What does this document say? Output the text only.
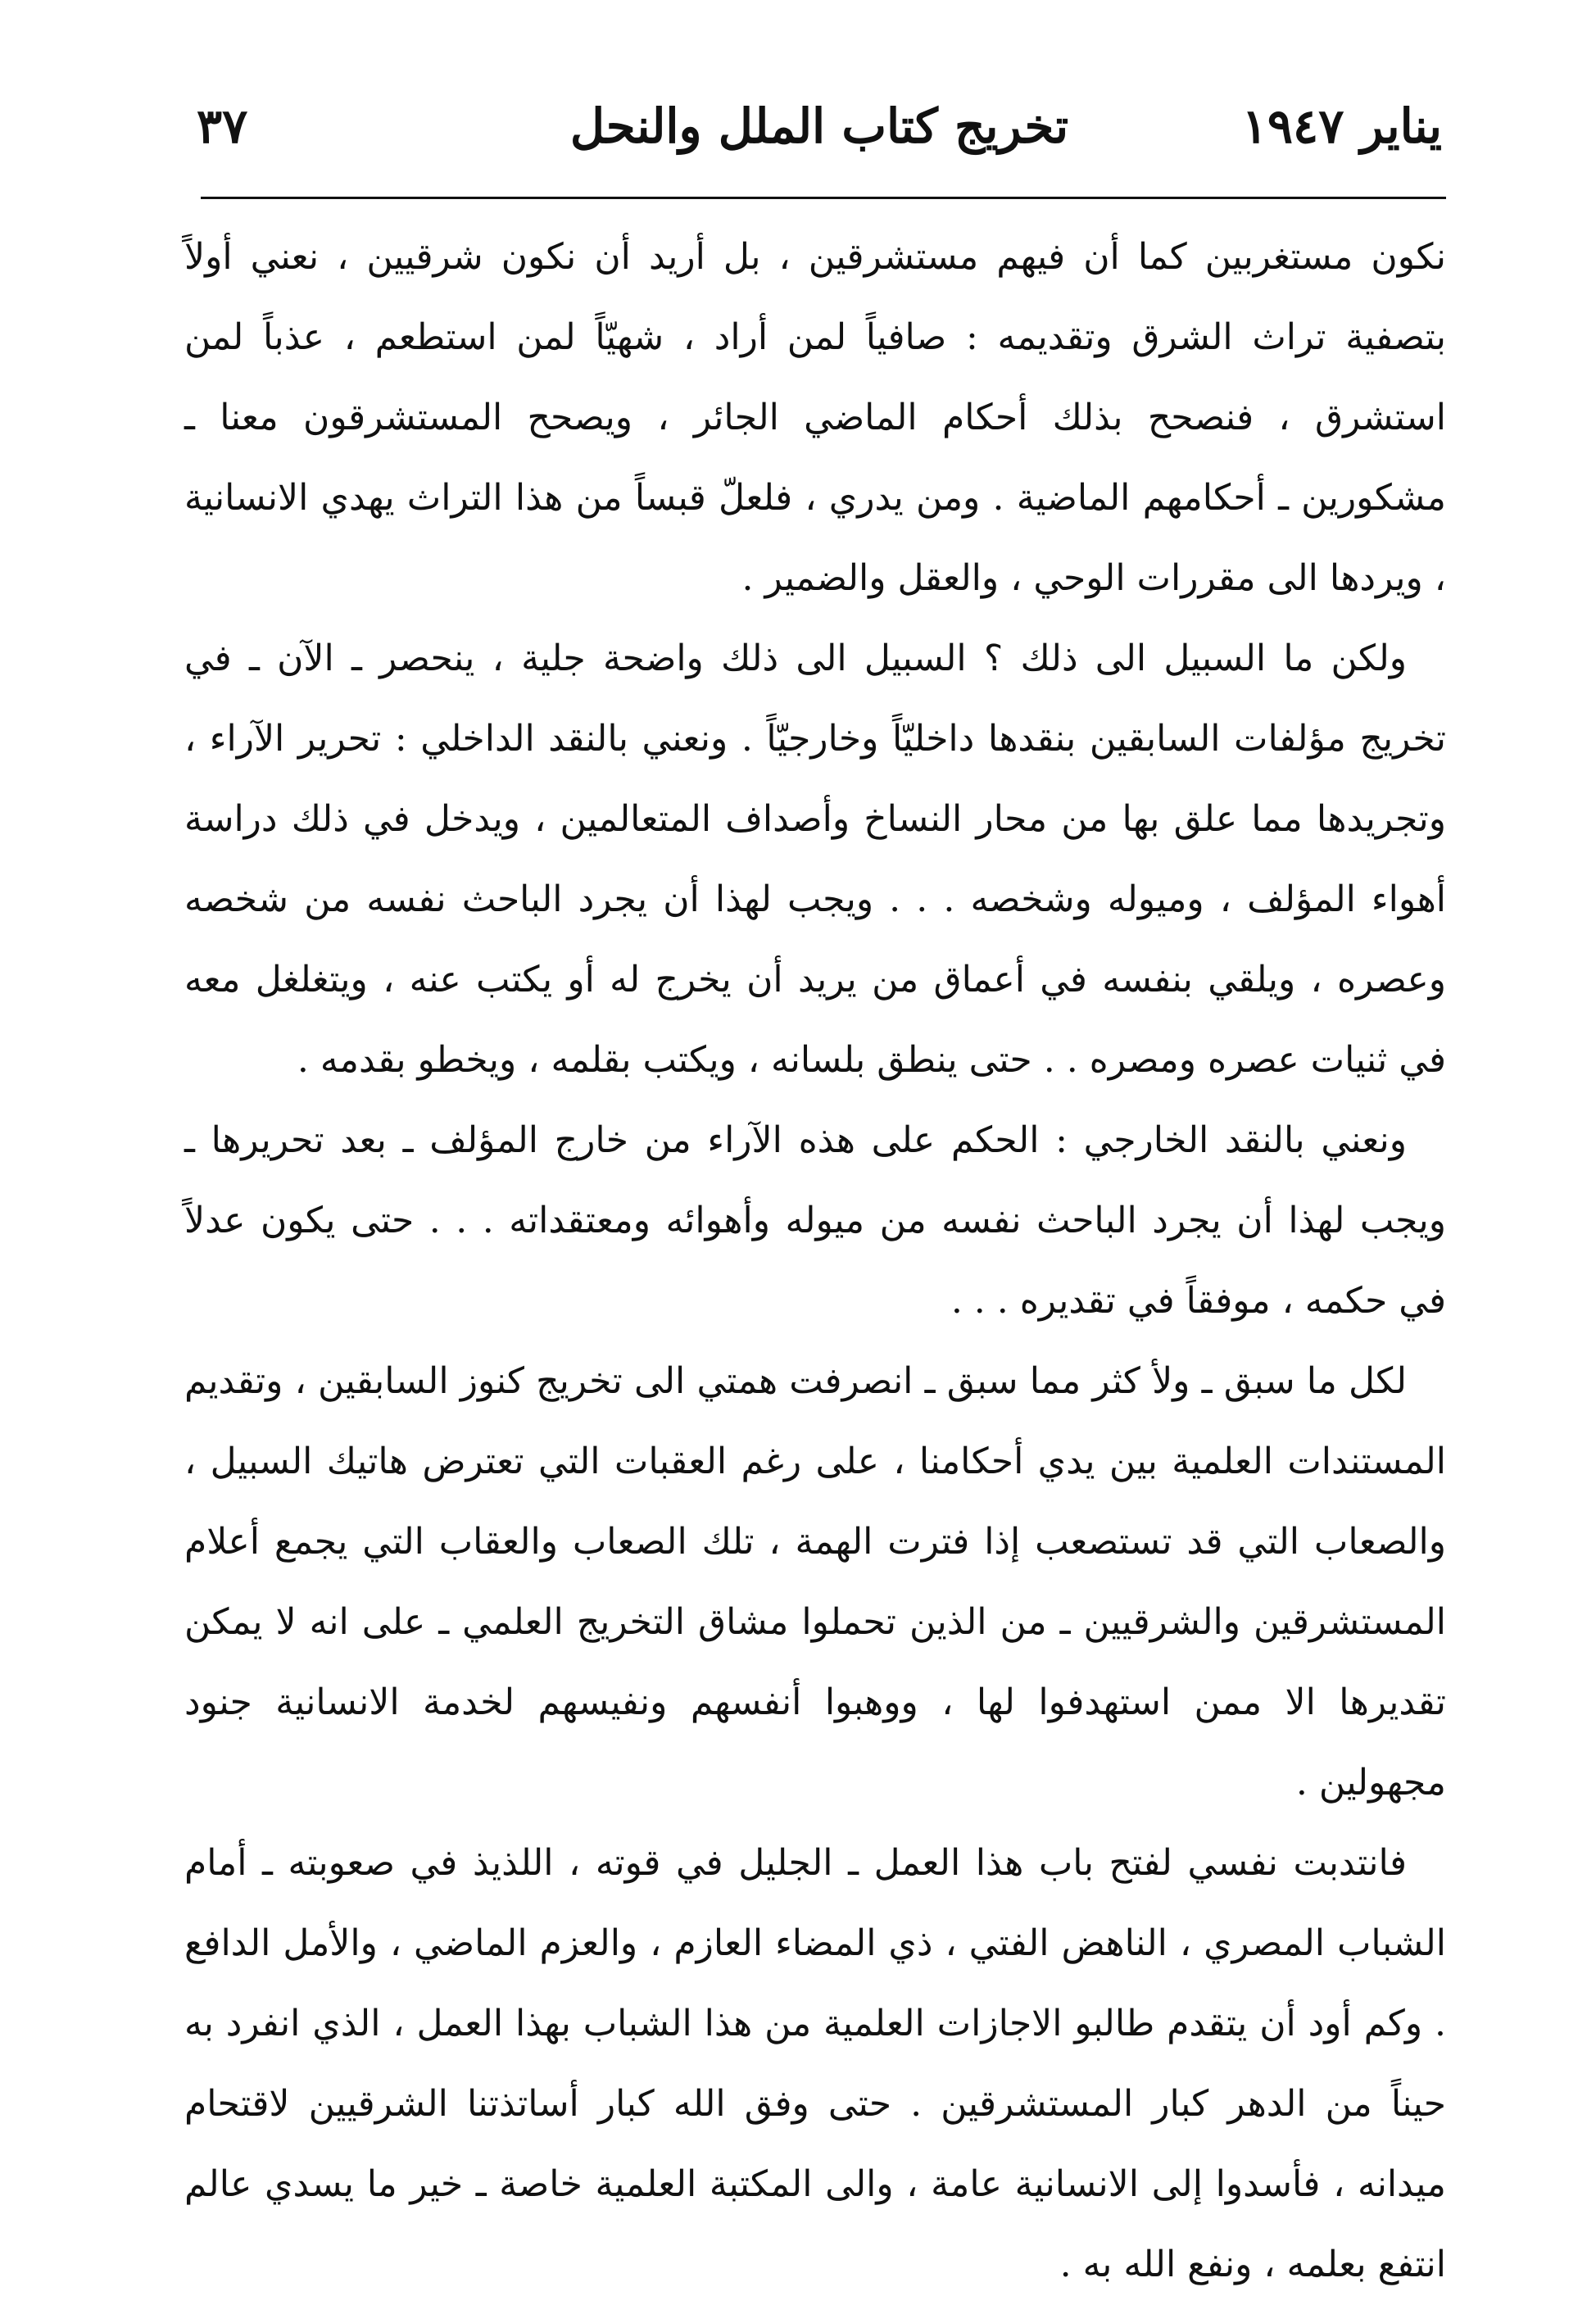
يناير ١٩٤٧
تخريج كتاب الملل والنحل
٣٧

نكون مستغربين كما أن فيهم مستشرقين ، بل أريد أن نكون شرقيين ، نعني أولاً بتصفية تراث الشرق وتقديمه : صافياً لمن أراد ، شهيّاً لمن استطعم ، عذباً لمن استشرق ، فنصحح بذلك أحكام الماضي الجائر ، ويصحح المستشرقون معنا ـ مشكورين ـ أحكامهم الماضية . ومن يدري ، فلعلّ قبساً من هذا التراث يهدي الانسانية ، ويردها الى مقررات الوحي ، والعقل والضمير .

ولكن ما السبيل الى ذلك ؟ السبيل الى ذلك واضحة جلية ، ينحصر ـ الآن ـ في تخريج مؤلفات السابقين بنقدها داخليّاً وخارجيّاً . ونعني بالنقد الداخلي : تحرير الآراء ، وتجريدها مما علق بها من محار النساخ وأصداف المتعالمين ، ويدخل في ذلك دراسة أهواء المؤلف ، وميوله وشخصه . . . ويجب لهذا أن يجرد الباحث نفسه من شخصه وعصره ، ويلقي بنفسه في أعماق من يريد أن يخرج له أو يكتب عنه ، ويتغلغل معه في ثنيات عصره ومصره . . حتى ينطق بلسانه ، ويكتب بقلمه ، ويخطو بقدمه .

ونعني بالنقد الخارجي : الحكم على هذه الآراء من خارج المؤلف ـ بعد تحريرها ـ ويجب لهذا أن يجرد الباحث نفسه من ميوله وأهوائه ومعتقداته . . . حتى يكون عدلاً في حكمه ، موفقاً في تقديره . . .

لكل ما سبق ـ ولأ كثر مما سبق ـ انصرفت همتي الى تخريج كنوز السابقين ، وتقديم المستندات العلمية بين يدي أحكامنا ، على رغم العقبات التي تعترض هاتيك السبيل ، والصعاب التي قد تستصعب إذا فترت الهمة ، تلك الصعاب والعقاب التي يجمع أعلام المستشرقين والشرقيين ـ من الذين تحملوا مشاق التخريج العلمي ـ على انه لا يمكن تقديرها الا ممن استهدفوا لها ، ووهبوا أنفسهم ونفيسهم لخدمة الانسانية جنود مجهولين .

فانتدبت نفسي لفتح باب هذا العمل ـ الجليل في قوته ، اللذيذ في صعوبته ـ أمام الشباب المصري ، الناهض الفتي ، ذي المضاء العازم ، والعزم الماضي ، والأمل الدافع . وكم أود أن يتقدم طالبو الاجازات العلمية من هذا الشباب بهذا العمل ، الذي انفرد به حيناً من الدهر كبار المستشرقين . حتى وفق الله كبار أساتذتنا الشرقيين لاقتحام ميدانه ، فأسدوا إلى الانسانية عامة ، والى المكتبة العلمية خاصة ـ خير ما يسدي عالم انتفع بعلمه ، ونفع الله به .
